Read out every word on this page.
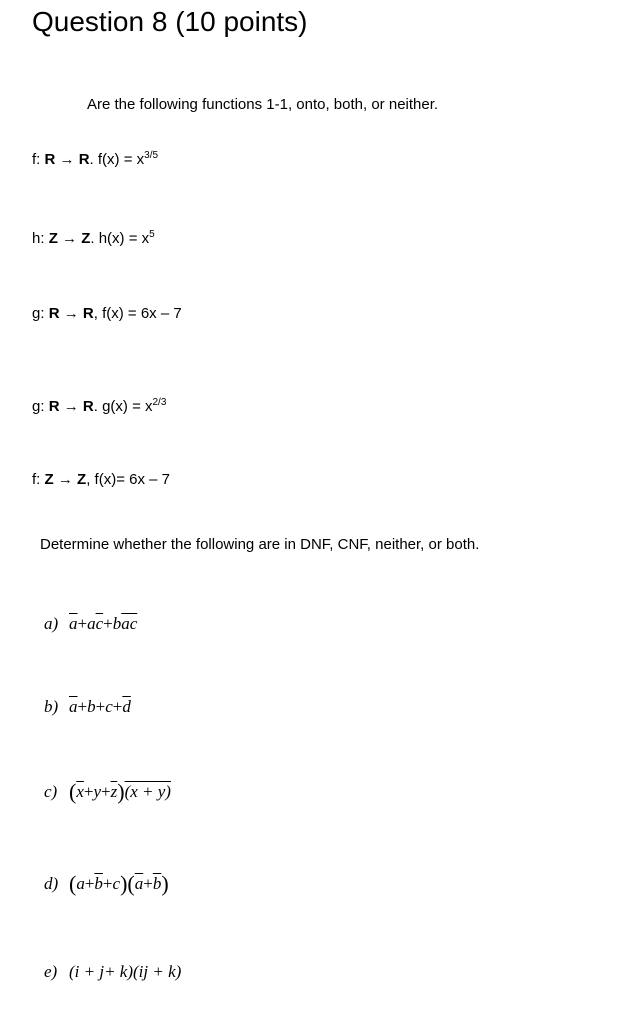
Question 8 (10 points)
Are the following functions 1-1, onto, both, or neither.
f: R → R. $f(x) = x^{3/5}$
h: Z → Z. $h(x) = x^5$
g: R → R, f(x) = 6x – 7
g: R → R. $g(x) = x^{2/3}$
f: Z → Z, f(x)= 6x – 7
Determine whether the following are in DNF, CNF, neither, or both.
a) $\overline{a}+a\overline{c}+b\overline{ac}$
b) $\overline{a}+b+c+\overline{d}$
c) $(\overline{x}+y+\overline{z})(x + y)$
d) $(a+\overline{b}+c)(\overline{a}+\overline{b})$
e) (i + j+ k)(ij + k)
